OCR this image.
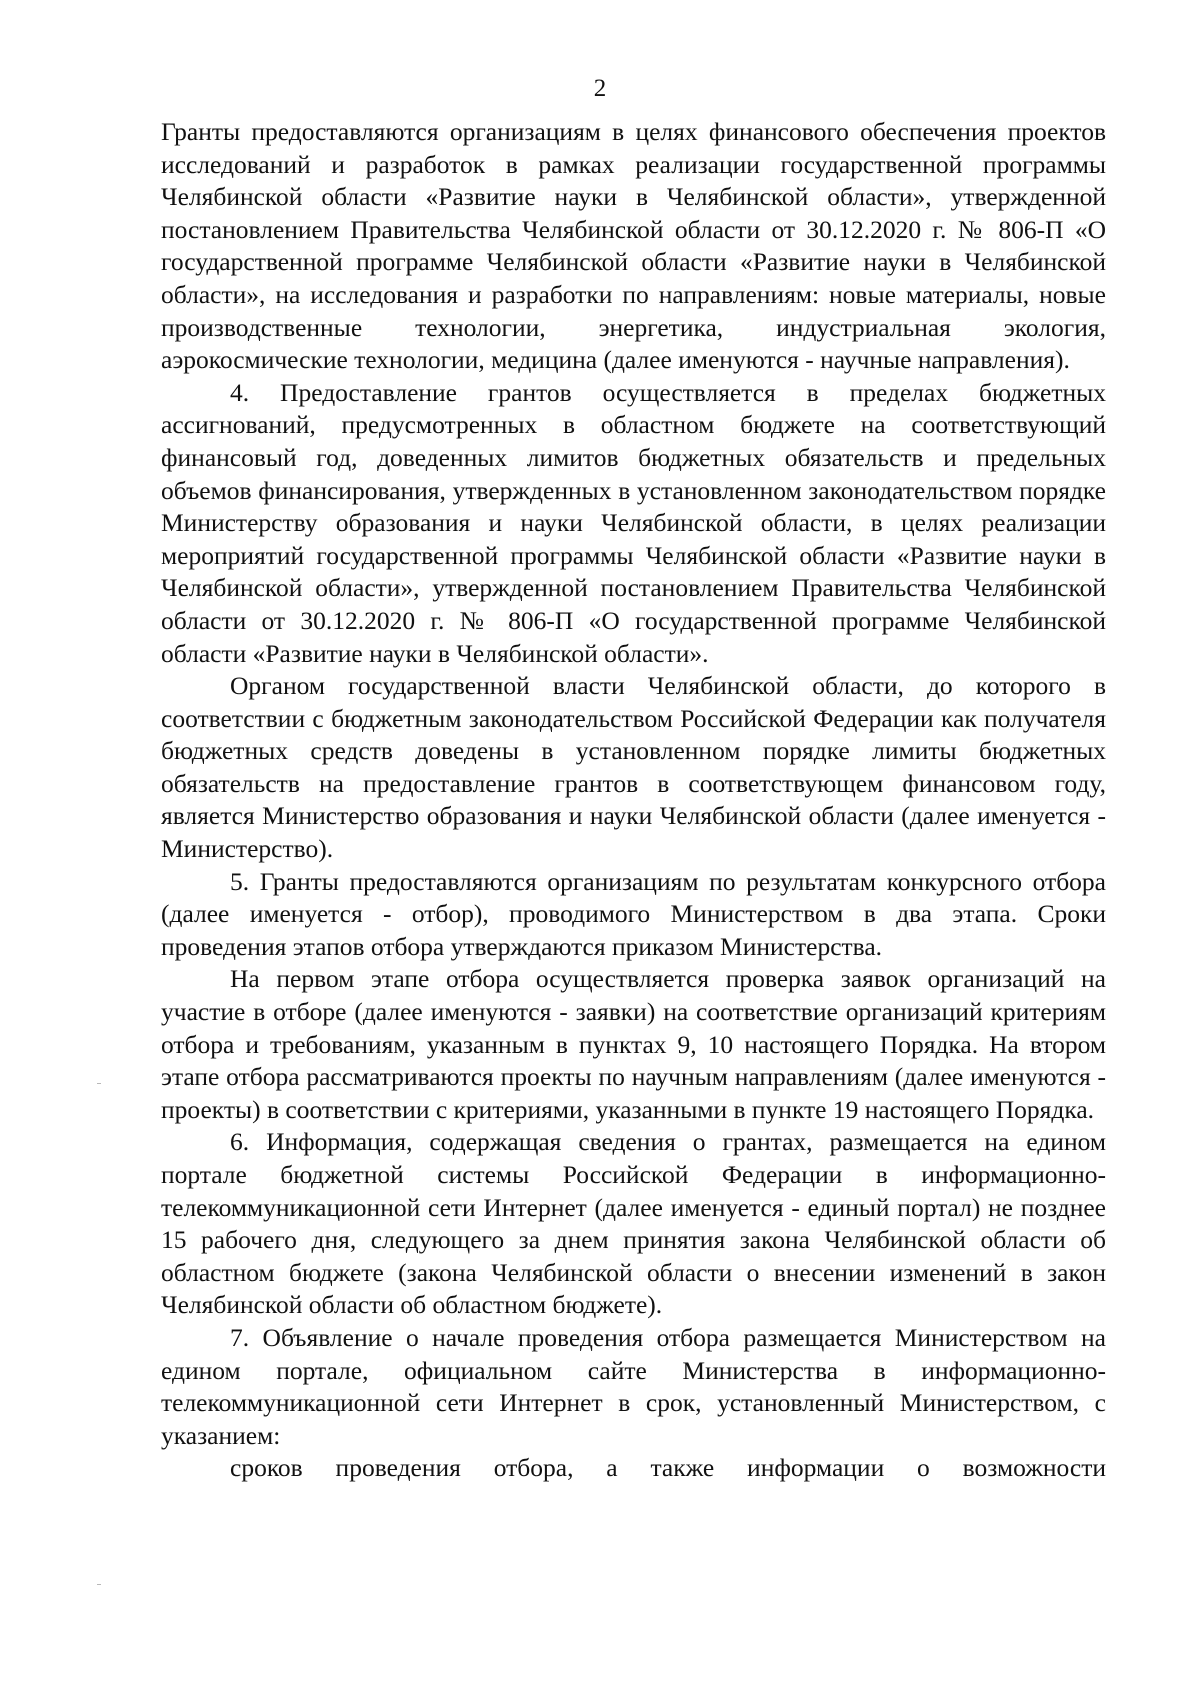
2

Гранты предоставляются организациям в целях финансового обеспечения проектов исследований и разработок в рамках реализации государственной программы Челябинской области «Развитие науки в Челябинской области», утвержденной постановлением Правительства Челябинской области от 30.12.2020 г. № 806-П «О государственной программе Челябинской области «Развитие науки в Челябинской области», на исследования и разработки по направлениям: новые материалы, новые производственные технологии, энергетика, индустриальная экология, аэрокосмические технологии, медицина (далее именуются - научные направления).

4. Предоставление грантов осуществляется в пределах бюджетных ассигнований, предусмотренных в областном бюджете на соответствующий финансовый год, доведенных лимитов бюджетных обязательств и предельных объемов финансирования, утвержденных в установленном законодательством порядке Министерству образования и науки Челябинской области, в целях реализации мероприятий государственной программы Челябинской области «Развитие науки в Челябинской области», утвержденной постановлением Правительства Челябинской области от 30.12.2020 г. № 806-П «О государственной программе Челябинской области «Развитие науки в Челябинской области».

Органом государственной власти Челябинской области, до которого в соответствии с бюджетным законодательством Российской Федерации как получателя бюджетных средств доведены в установленном порядке лимиты бюджетных обязательств на предоставление грантов в соответствующем финансовом году, является Министерство образования и науки Челябинской области (далее именуется - Министерство).

5. Гранты предоставляются организациям по результатам конкурсного отбора (далее именуется - отбор), проводимого Министерством в два этапа. Сроки проведения этапов отбора утверждаются приказом Министерства.

На первом этапе отбора осуществляется проверка заявок организаций на участие в отборе (далее именуются - заявки) на соответствие организаций критериям отбора и требованиям, указанным в пунктах 9, 10 настоящего Порядка. На втором этапе отбора рассматриваются проекты по научным направлениям (далее именуются - проекты) в соответствии с критериями, указанными в пункте 19 настоящего Порядка.

6. Информация, содержащая сведения о грантах, размещается на едином портале бюджетной системы Российской Федерации в информационно-телекоммуникационной сети Интернет (далее именуется - единый портал) не позднее 15 рабочего дня, следующего за днем принятия закона Челябинской области об областном бюджете (закона Челябинской области о внесении изменений в закон Челябинской области об областном бюджете).

7. Объявление о начале проведения отбора размещается Министерством на едином портале, официальном сайте Министерства в информационно-телекоммуникационной сети Интернет в срок, установленный Министерством, с указанием:

сроков проведения отбора, а также информации о возможности
